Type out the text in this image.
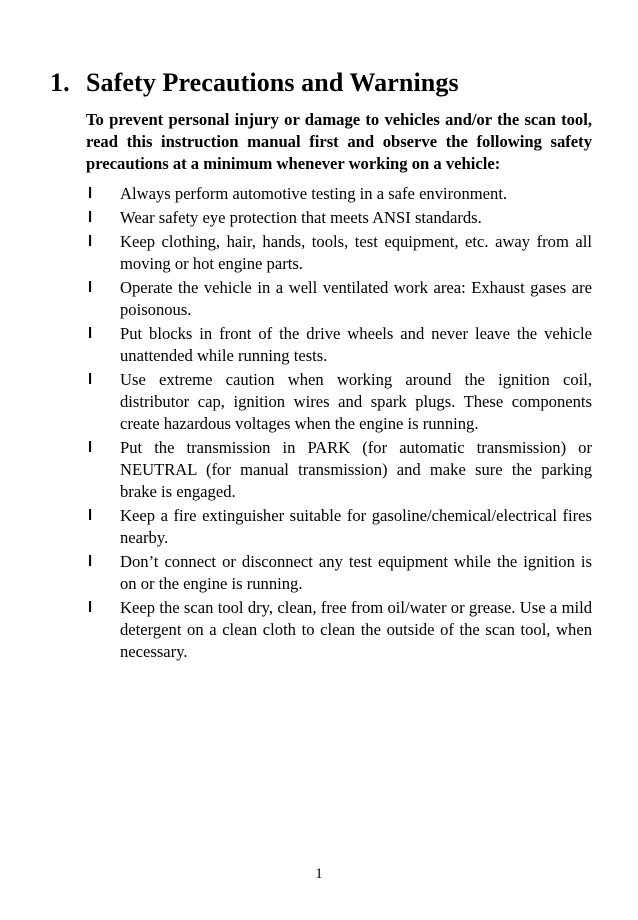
1. Safety Precautions and Warnings

To prevent personal injury or damage to vehicles and/or the scan tool, read this instruction manual first and observe the following safety precautions at a minimum whenever working on a vehicle:

l	Always perform automotive testing in a safe environment.
l	Wear safety eye protection that meets ANSI standards.
l	Keep clothing, hair, hands, tools, test equipment, etc. away from all moving or hot engine parts.
l	Operate the vehicle in a well ventilated work area: Exhaust gases are poisonous.
l	Put blocks in front of the drive wheels and never leave the vehicle unattended while running tests.
l	Use extreme caution when working around the ignition coil, distributor cap, ignition wires and spark plugs. These components create hazardous voltages when the engine is running.
l	Put the transmission in PARK (for automatic transmission) or NEUTRAL (for manual transmission) and make sure the parking brake is engaged.
l	Keep a fire extinguisher suitable for gasoline/chemical/electrical fires nearby.
l	Don’t connect or disconnect any test equipment while the ignition is on or the engine is running.
l	Keep the scan tool dry, clean, free from oil/water or grease. Use a mild detergent on a clean cloth to clean the outside of the scan tool, when necessary.
1
